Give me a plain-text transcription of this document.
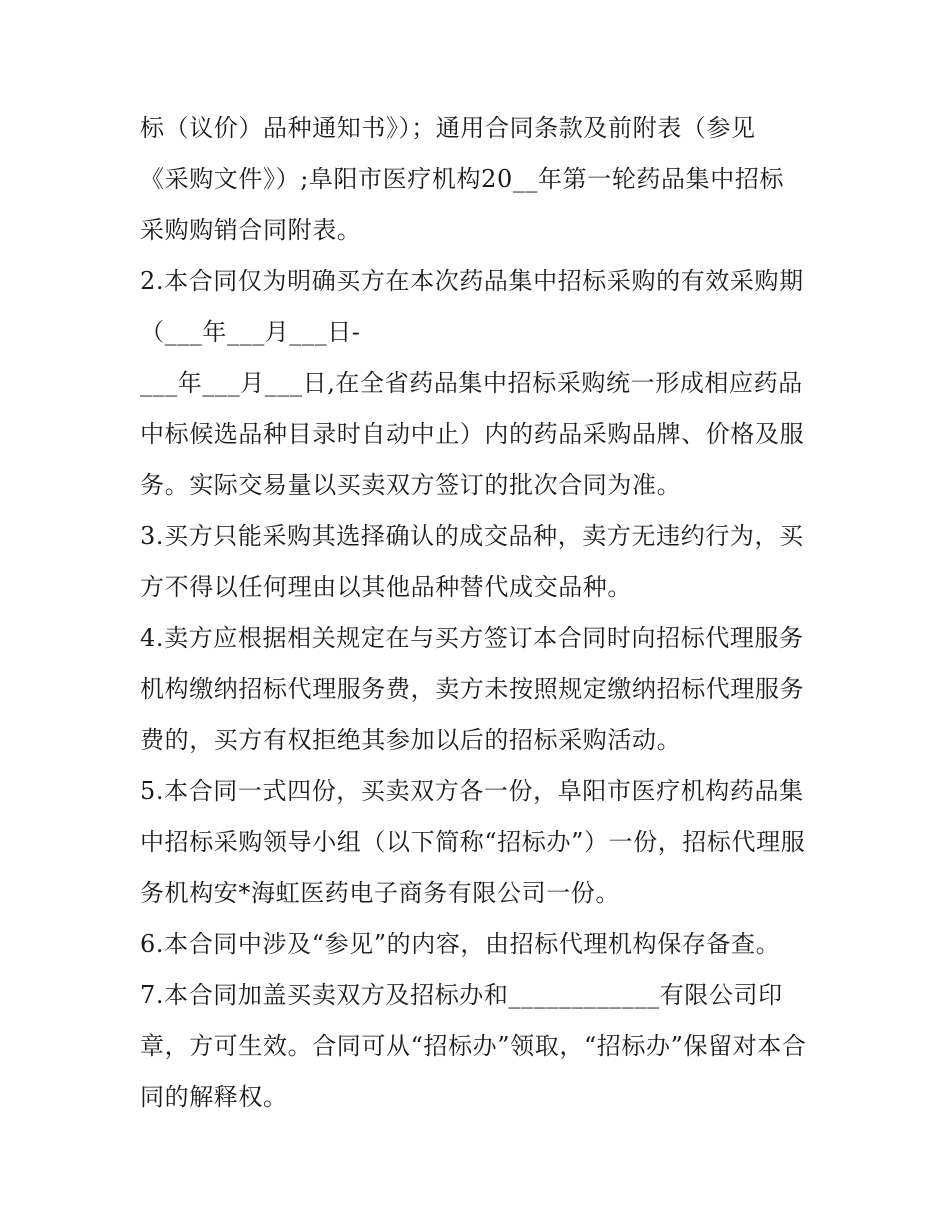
标（议价）品种通知书》）；通用合同条款及前附表（参见
《采购文件》）;阜阳市医疗机构20__年第一轮药品集中招标
采购购销合同附表。
2.本合同仅为明确买方在本次药品集中招标采购的有效采购期
（___年___月___日-
___年___月___日,在全省药品集中招标采购统一形成相应药品
中标候选品种目录时自动中止）内的药品采购品牌、价格及服
务。实际交易量以买卖双方签订的批次合同为准。
3.买方只能采购其选择确认的成交品种，卖方无违约行为，买
方不得以任何理由以其他品种替代成交品种。
4.卖方应根据相关规定在与买方签订本合同时向招标代理服务
机构缴纳招标代理服务费，卖方未按照规定缴纳招标代理服务
费的，买方有权拒绝其参加以后的招标采购活动。
5.本合同一式四份，买卖双方各一份，阜阳市医疗机构药品集
中招标采购领导小组（以下简称“招标办”）一份，招标代理服
务机构安*海虹医药电子商务有限公司一份。
6.本合同中涉及“参见”的内容，由招标代理机构保存备查。
7.本合同加盖买卖双方及招标办和____________有限公司印
章，方可生效。合同可从“招标办”领取，“招标办”保留对本合
同的解释权。
